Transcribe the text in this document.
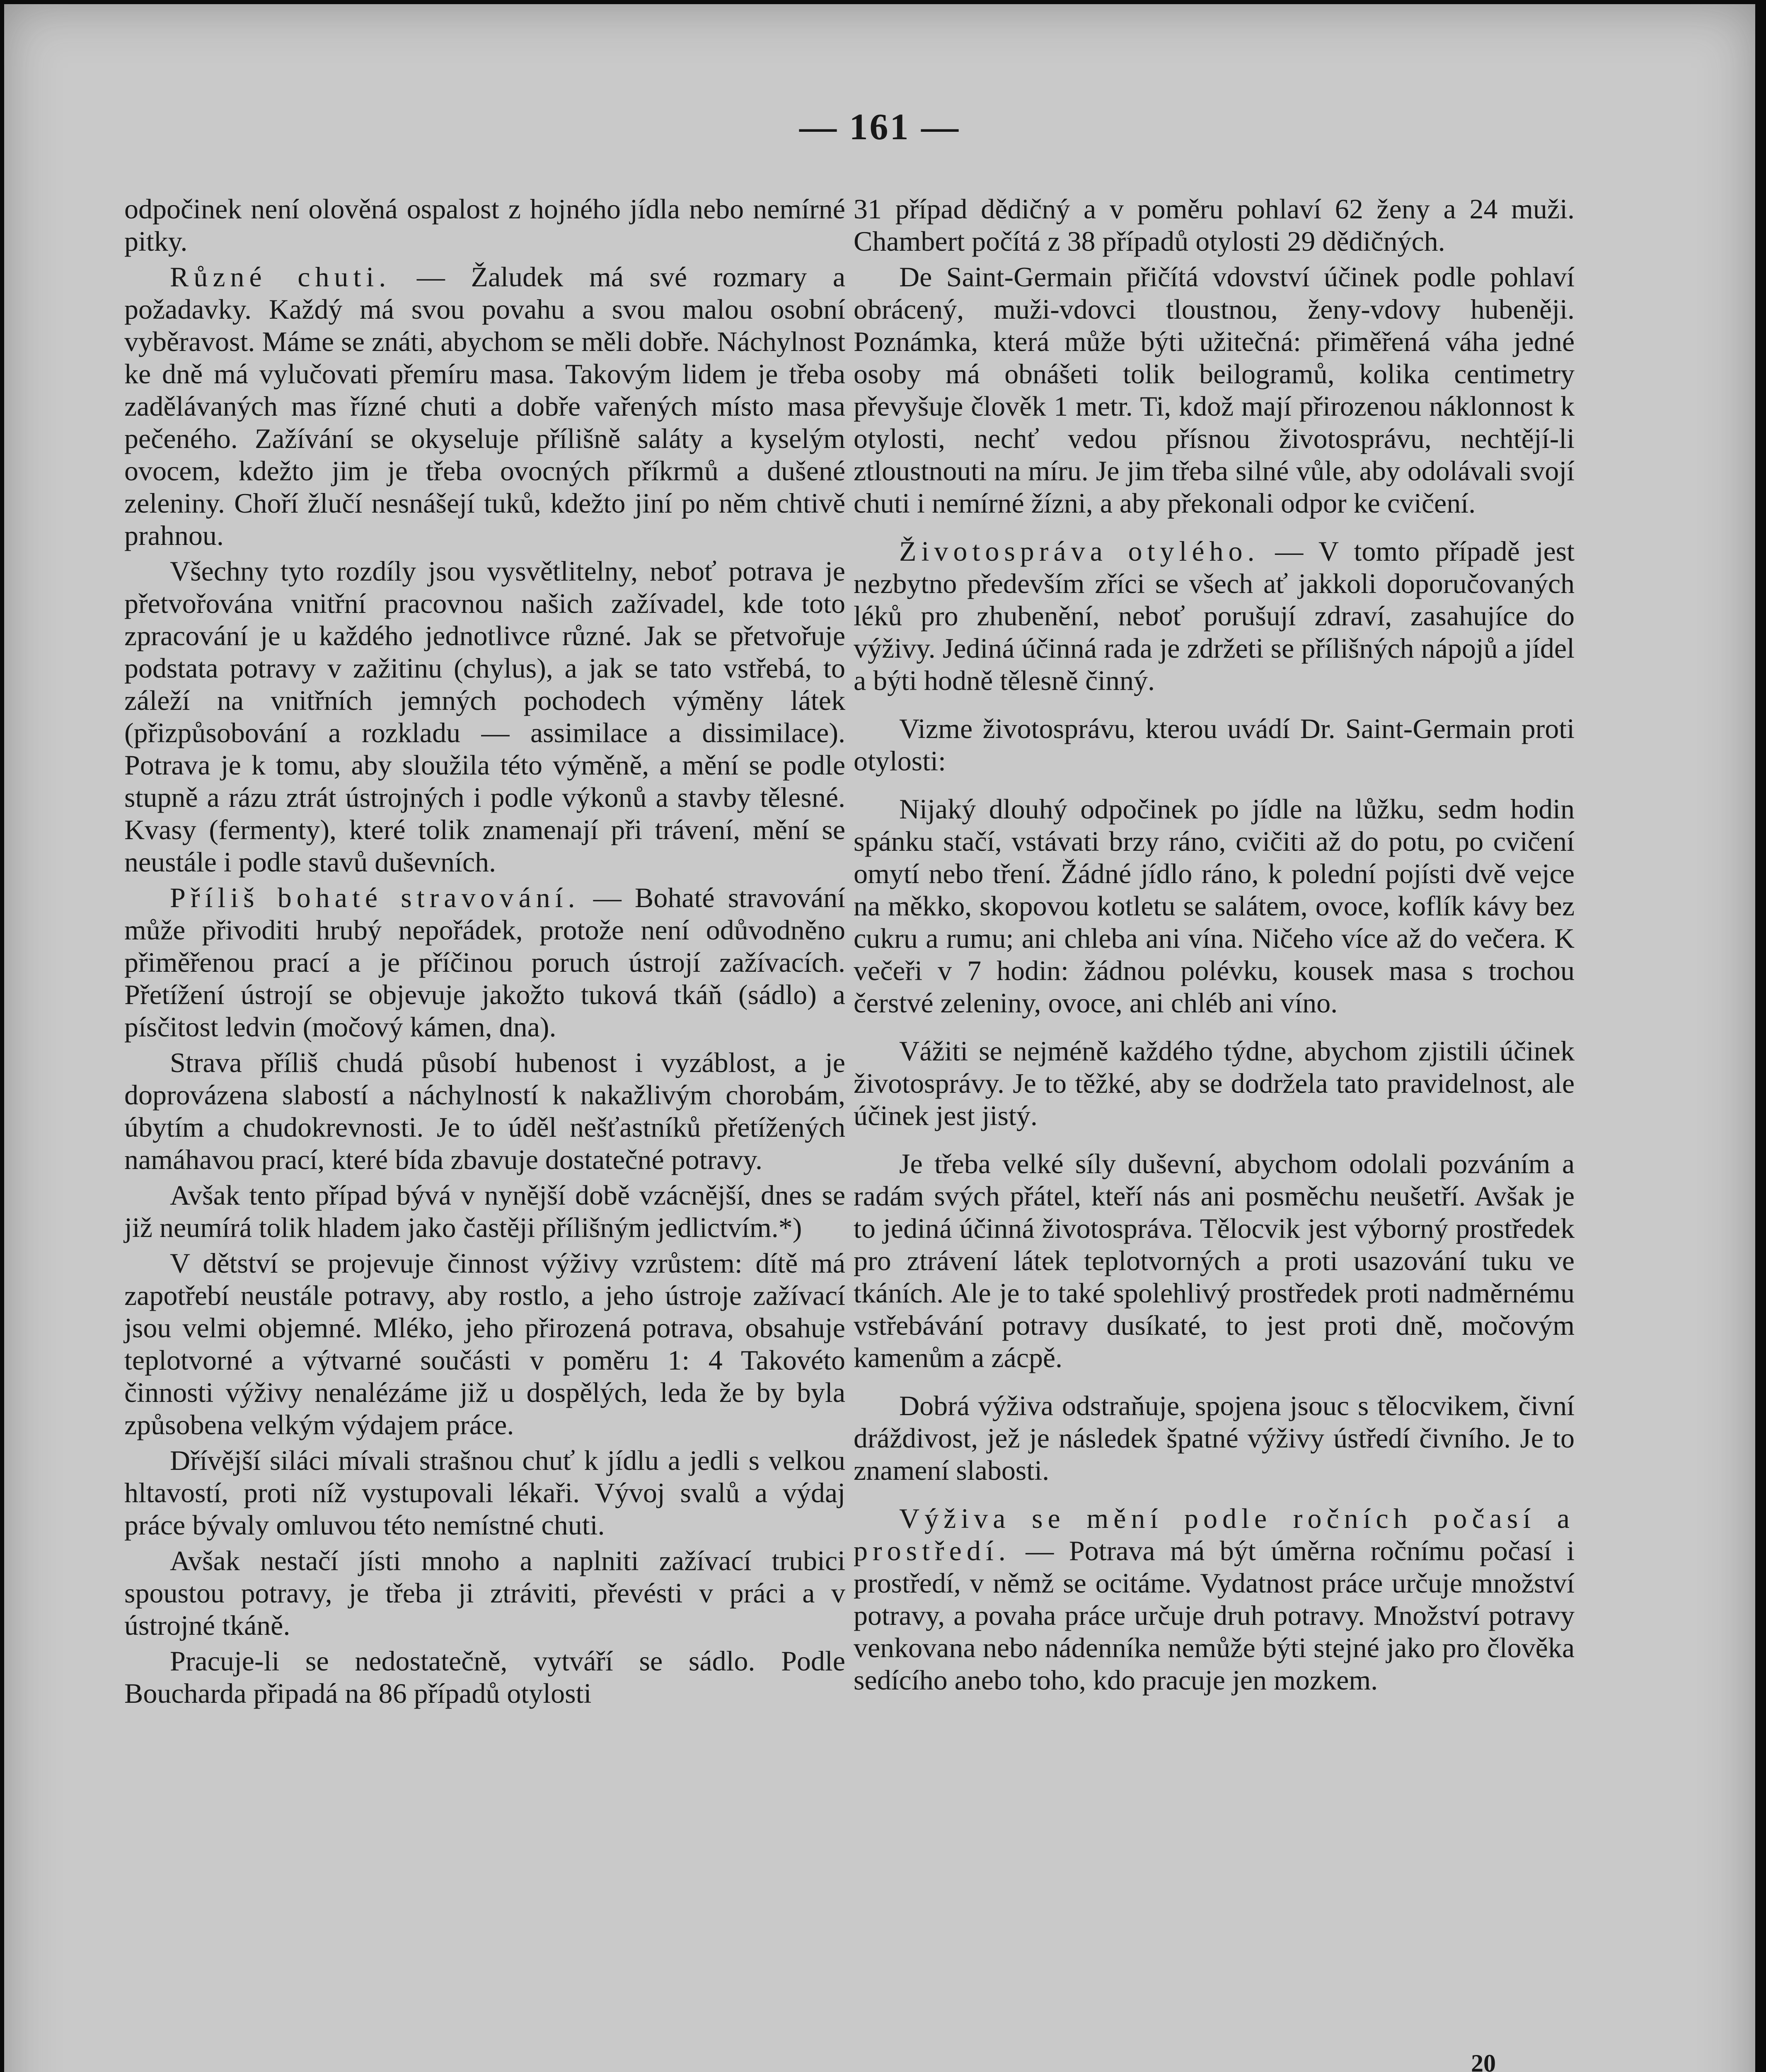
— 161 —

odpočinek není olověná ospalost z hojného jídla nebo nemírné pitky.

Různé chuti. — Žaludek má své rozmary a požadavky. Každý má svou povahu a svou malou osobní vyběravost. Máme se znáti, abychom se měli dobře. Náchylnost ke dně má vylučovati přemíru masa. Takovým lidem je třeba zadělávaných mas řízné chuti a dobře vařených místo masa pečeného. Zažívání se okyseluje přílišně saláty a kyselým ovocem, kdežto jim je třeba ovocných příkrmů a dušené zeleniny. Choří žlučí nesnášejí tuků, kdežto jiní po něm chtivě prahnou.

Všechny tyto rozdíly jsou vysvětlitelny, neboť potrava je přetvořována vnitřní pracovnou našich zažívadel, kde toto zpracování je u každého jednotlivce různé. Jak se přetvořuje podstata potravy v zažitinu (chylus), a jak se tato vstřebá, to záleží na vnitřních jemných pochodech výměny látek (přizpůsobování a rozkladu — assimilace a dissimilace). Potrava je k tomu, aby sloužila této výměně, a mění se podle stupně a rázu ztrát ústrojných i podle výkonů a stavby tělesné. Kvasy (fermenty), které tolik znamenají při trávení, mění se neustále i podle stavů duševních.

Příliš bohaté stravování. — Bohaté stravování může přivoditi hrubý nepořádek, protože není odůvodněno přiměřenou prací a je příčinou poruch ústrojí zažívacích. Přetížení ústrojí se objevuje jakožto tuková tkáň (sádlo) a písčitost ledvin (močový kámen, dna).

Strava příliš chudá působí hubenost i vyzáblost, a je doprovázena slabostí a náchylností k nakažlivým chorobám, úbytím a chudokrevnosti. Je to úděl nešťastníků přetížených namáhavou prací, které bída zbavuje dostatečné potravy.

Avšak tento případ bývá v nynější době vzácnější, dnes se již neumírá tolik hladem jako častěji přílišným jedlictvím.*)

V dětství se projevuje činnost výživy vzrůstem: dítě má zapotřebí neustále potravy, aby rostlo, a jeho ústroje zažívací jsou velmi objemné. Mléko, jeho přirozená potrava, obsahuje teplotvorné a výtvarné součásti v poměru 1: 4 Takovéto činnosti výživy nenalézáme již u dospělých, leda že by byla způsobena velkým výdajem práce.

Dřívější siláci mívali strašnou chuť k jídlu a jedli s velkou hltavostí, proti níž vystupovali lékaři. Vývoj svalů a výdaj práce bývaly omluvou této nemístné chuti.

Avšak nestačí jísti mnoho a naplniti zažívací trubici spoustou potravy, je třeba ji ztráviti, převésti v práci a v ústrojné tkáně.

Pracuje-li se nedostatečně, vytváří se sádlo. Podle Boucharda připadá na 86 případů otylosti

31 případ dědičný a v poměru pohlaví 62 ženy a 24 muži. Chambert počítá z 38 případů otylosti 29 dědičných.

De Saint-Germain přičítá vdovství účinek podle pohlaví obrácený, muži-vdovci tloustnou, ženy-vdovy hubeněji. Poznámka, která může býti užitečná: přiměřená váha jedné osoby má obnášeti tolik beilogramů, kolika centimetry převyšuje člověk 1 metr. Ti, kdož mají přirozenou náklonnost k otylosti, nechť vedou přísnou životosprávu, nechtějí-li ztloustnouti na míru. Je jim třeba silné vůle, aby odolávali svojí chuti i nemírné žízni, a aby překonali odpor ke cvičení.

Životospráva otylého. — V tomto případě jest nezbytno především zříci se všech ať jakkoli doporučovaných léků pro zhubenění, neboť porušují zdraví, zasahujíce do výživy. Jediná účinná rada je zdržeti se přílišných nápojů a jídel a býti hodně tělesně činný.

Vizme životosprávu, kterou uvádí Dr. Saint-Germain proti otylosti:

Nijaký dlouhý odpočinek po jídle na lůžku, sedm hodin spánku stačí, vstávati brzy ráno, cvičiti až do potu, po cvičení omytí nebo tření. Žádné jídlo ráno, k polední pojísti dvě vejce na měkko, skopovou kotletu se salátem, ovoce, koflík kávy bez cukru a rumu; ani chleba ani vína. Ničeho více až do večera. K večeři v 7 hodin: žádnou polévku, kousek masa s trochou čerstvé zeleniny, ovoce, ani chléb ani víno.

Vážiti se nejméně každého týdne, abychom zjistili účinek životosprávy. Je to těžké, aby se dodržela tato pravidelnost, ale účinek jest jistý.

Je třeba velké síly duševní, abychom odolali pozváním a radám svých přátel, kteří nás ani posměchu neušetří. Avšak je to jediná účinná životospráva. Tělocvik jest výborný prostředek pro ztrávení látek teplotvorných a proti usazování tuku ve tkáních. Ale je to také spolehlivý prostředek proti nadměrnému vstřebávání potravy dusíkaté, to jest proti dně, močovým kamenům a zácpě.

Dobrá výživa odstraňuje, spojena jsouc s tělocvikem, čivní dráždivost, jež je následek špatné výživy ústředí čivního. Je to znamení slabosti.

Výživa se mění podle ročních počasí a prostředí. — Potrava má být úměrna ročnímu počasí i prostředí, v němž se ocitáme. Vydatnost práce určuje množství potravy, a povaha práce určuje druh potravy. Množství potravy venkovana nebo nádenníka nemůže býti stejné jako pro člověka sedícího anebo toho, kdo pracuje jen mozkem.

20
